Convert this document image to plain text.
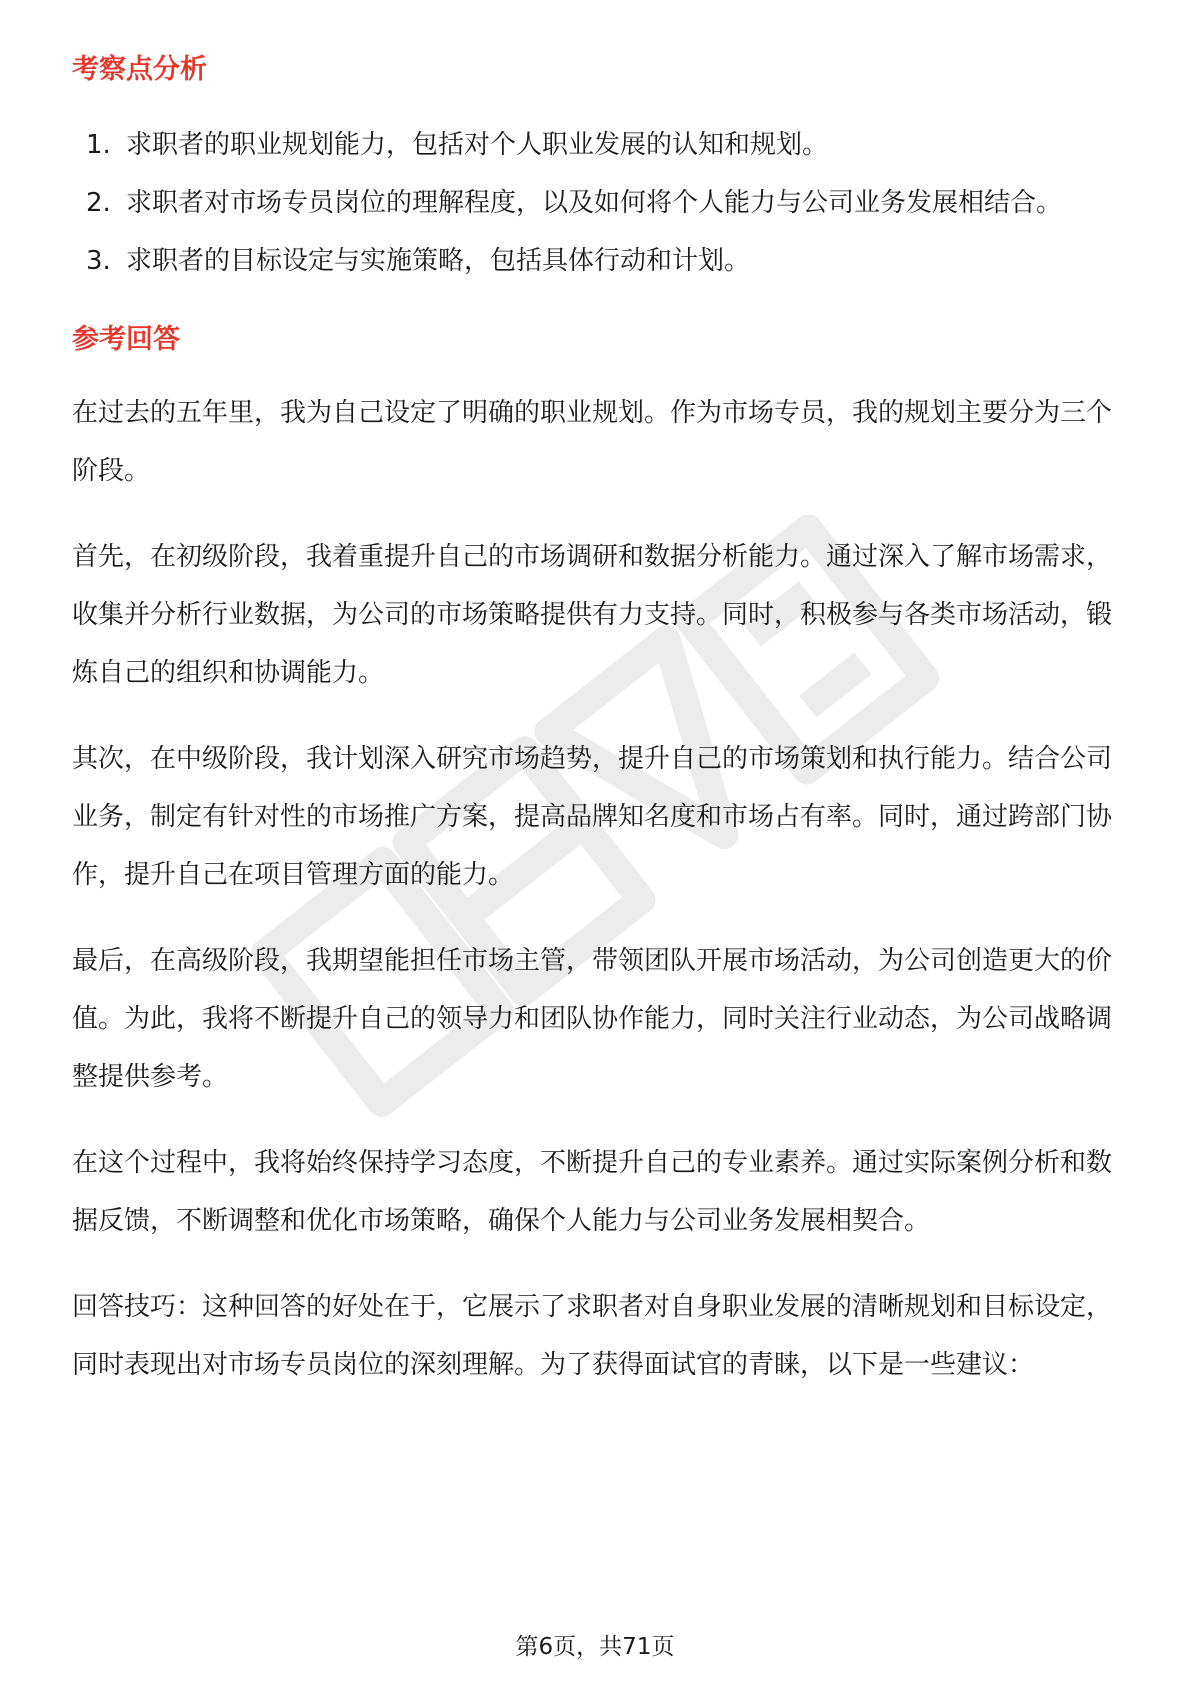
考察点分析
1. 求职者的职业规划能力，包括对个人职业发展的认知和规划。
2. 求职者对市场专员岗位的理解程度，以及如何将个人能力与公司业务发展相结合。
3. 求职者的目标设定与实施策略，包括具体行动和计划。
参考回答

在过去的五年里，我为自己设定了明确的职业规划。作为市场专员，我的规划主要分为三个阶段。

首先，在初级阶段，我着重提升自己的市场调研和数据分析能力。通过深入了解市场需求，收集并分析行业数据，为公司的市场策略提供有力支持。同时，积极参与各类市场活动，锻炼自己的组织和协调能力。

其次，在中级阶段，我计划深入研究市场趋势，提升自己的市场策划和执行能力。结合公司业务，制定有针对性的市场推广方案，提高品牌知名度和市场占有率。同时，通过跨部门协作，提升自己在项目管理方面的能力。

最后，在高级阶段，我期望能担任市场主管，带领团队开展市场活动，为公司创造更大的价值。为此，我将不断提升自己的领导力和团队协作能力，同时关注行业动态，为公司战略调整提供参考。

在这个过程中，我将始终保持学习态度，不断提升自己的专业素养。通过实际案例分析和数据反馈，不断调整和优化市场策略，确保个人能力与公司业务发展相契合。

回答技巧：这种回答的好处在于，它展示了求职者对自身职业发展的清晰规划和目标设定，同时表现出对市场专员岗位的深刻理解。为了获得面试官的青睐，以下是一些建议：

第6页，共71页
